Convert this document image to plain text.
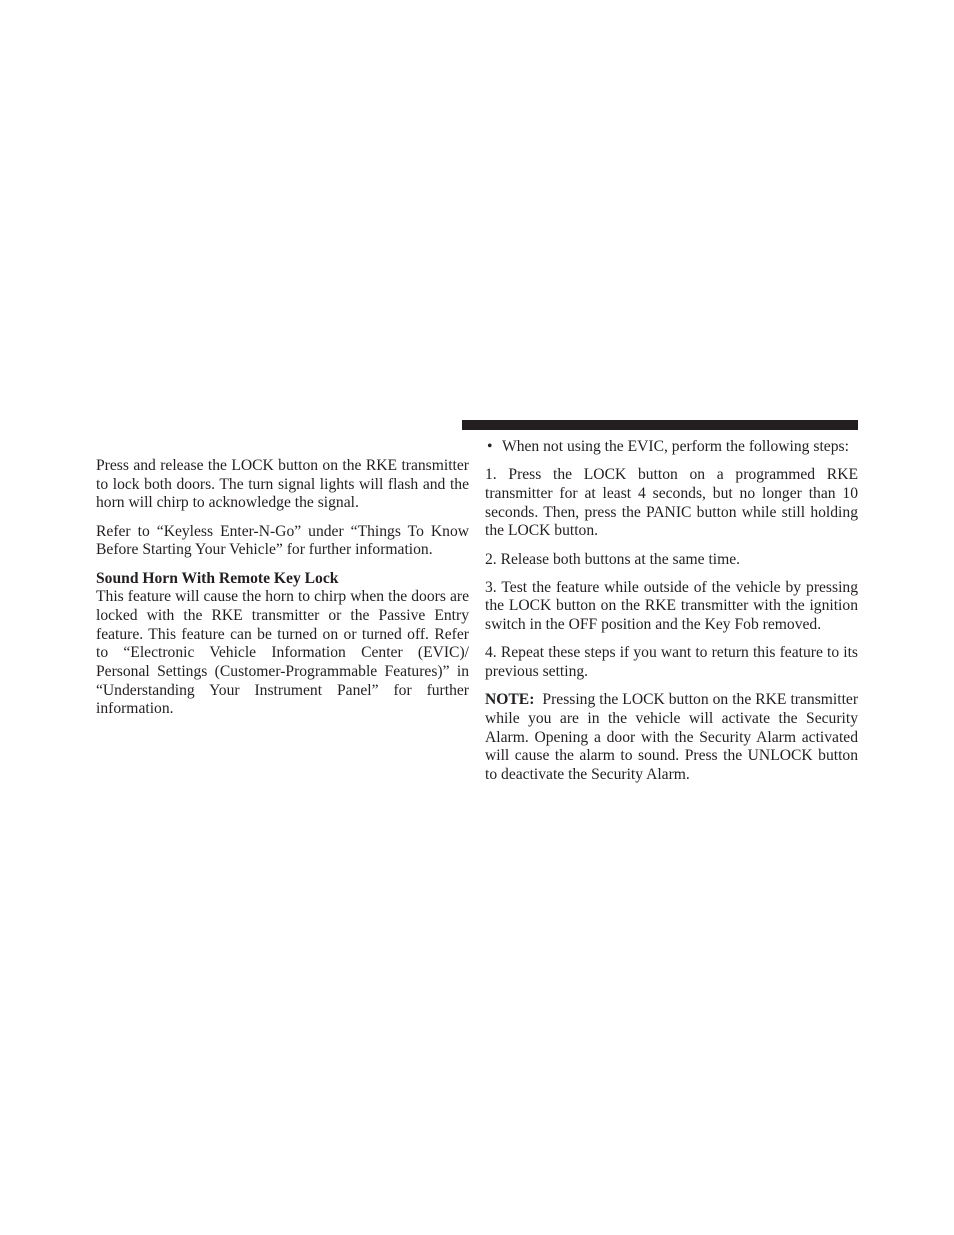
Press and release the LOCK button on the RKE transmitter to lock both doors. The turn signal lights will flash and the horn will chirp to acknowledge the signal.

Refer to “Keyless Enter-N-Go” under “Things To Know Before Starting Your Vehicle” for further information.

Sound Horn With Remote Key Lock

This feature will cause the horn to chirp when the doors are locked with the RKE transmitter or the Passive Entry feature. This feature can be turned on or turned off. Refer to “Electronic Vehicle Information Center (EVIC)/ Personal Settings (Customer-Programmable Features)” in “Understanding Your Instrument Panel” for further information.

• When not using the EVIC, perform the following steps:

1. Press the LOCK button on a programmed RKE transmitter for at least 4 seconds, but no longer than 10 seconds. Then, press the PANIC button while still holding the LOCK button.

2. Release both buttons at the same time.

3. Test the feature while outside of the vehicle by pressing the LOCK button on the RKE transmitter with the ignition switch in the OFF position and the Key Fob removed.

4. Repeat these steps if you want to return this feature to its previous setting.

NOTE: Pressing the LOCK button on the RKE transmitter while you are in the vehicle will activate the Security Alarm. Opening a door with the Security Alarm activated will cause the alarm to sound. Press the UNLOCK button to deactivate the Security Alarm.
